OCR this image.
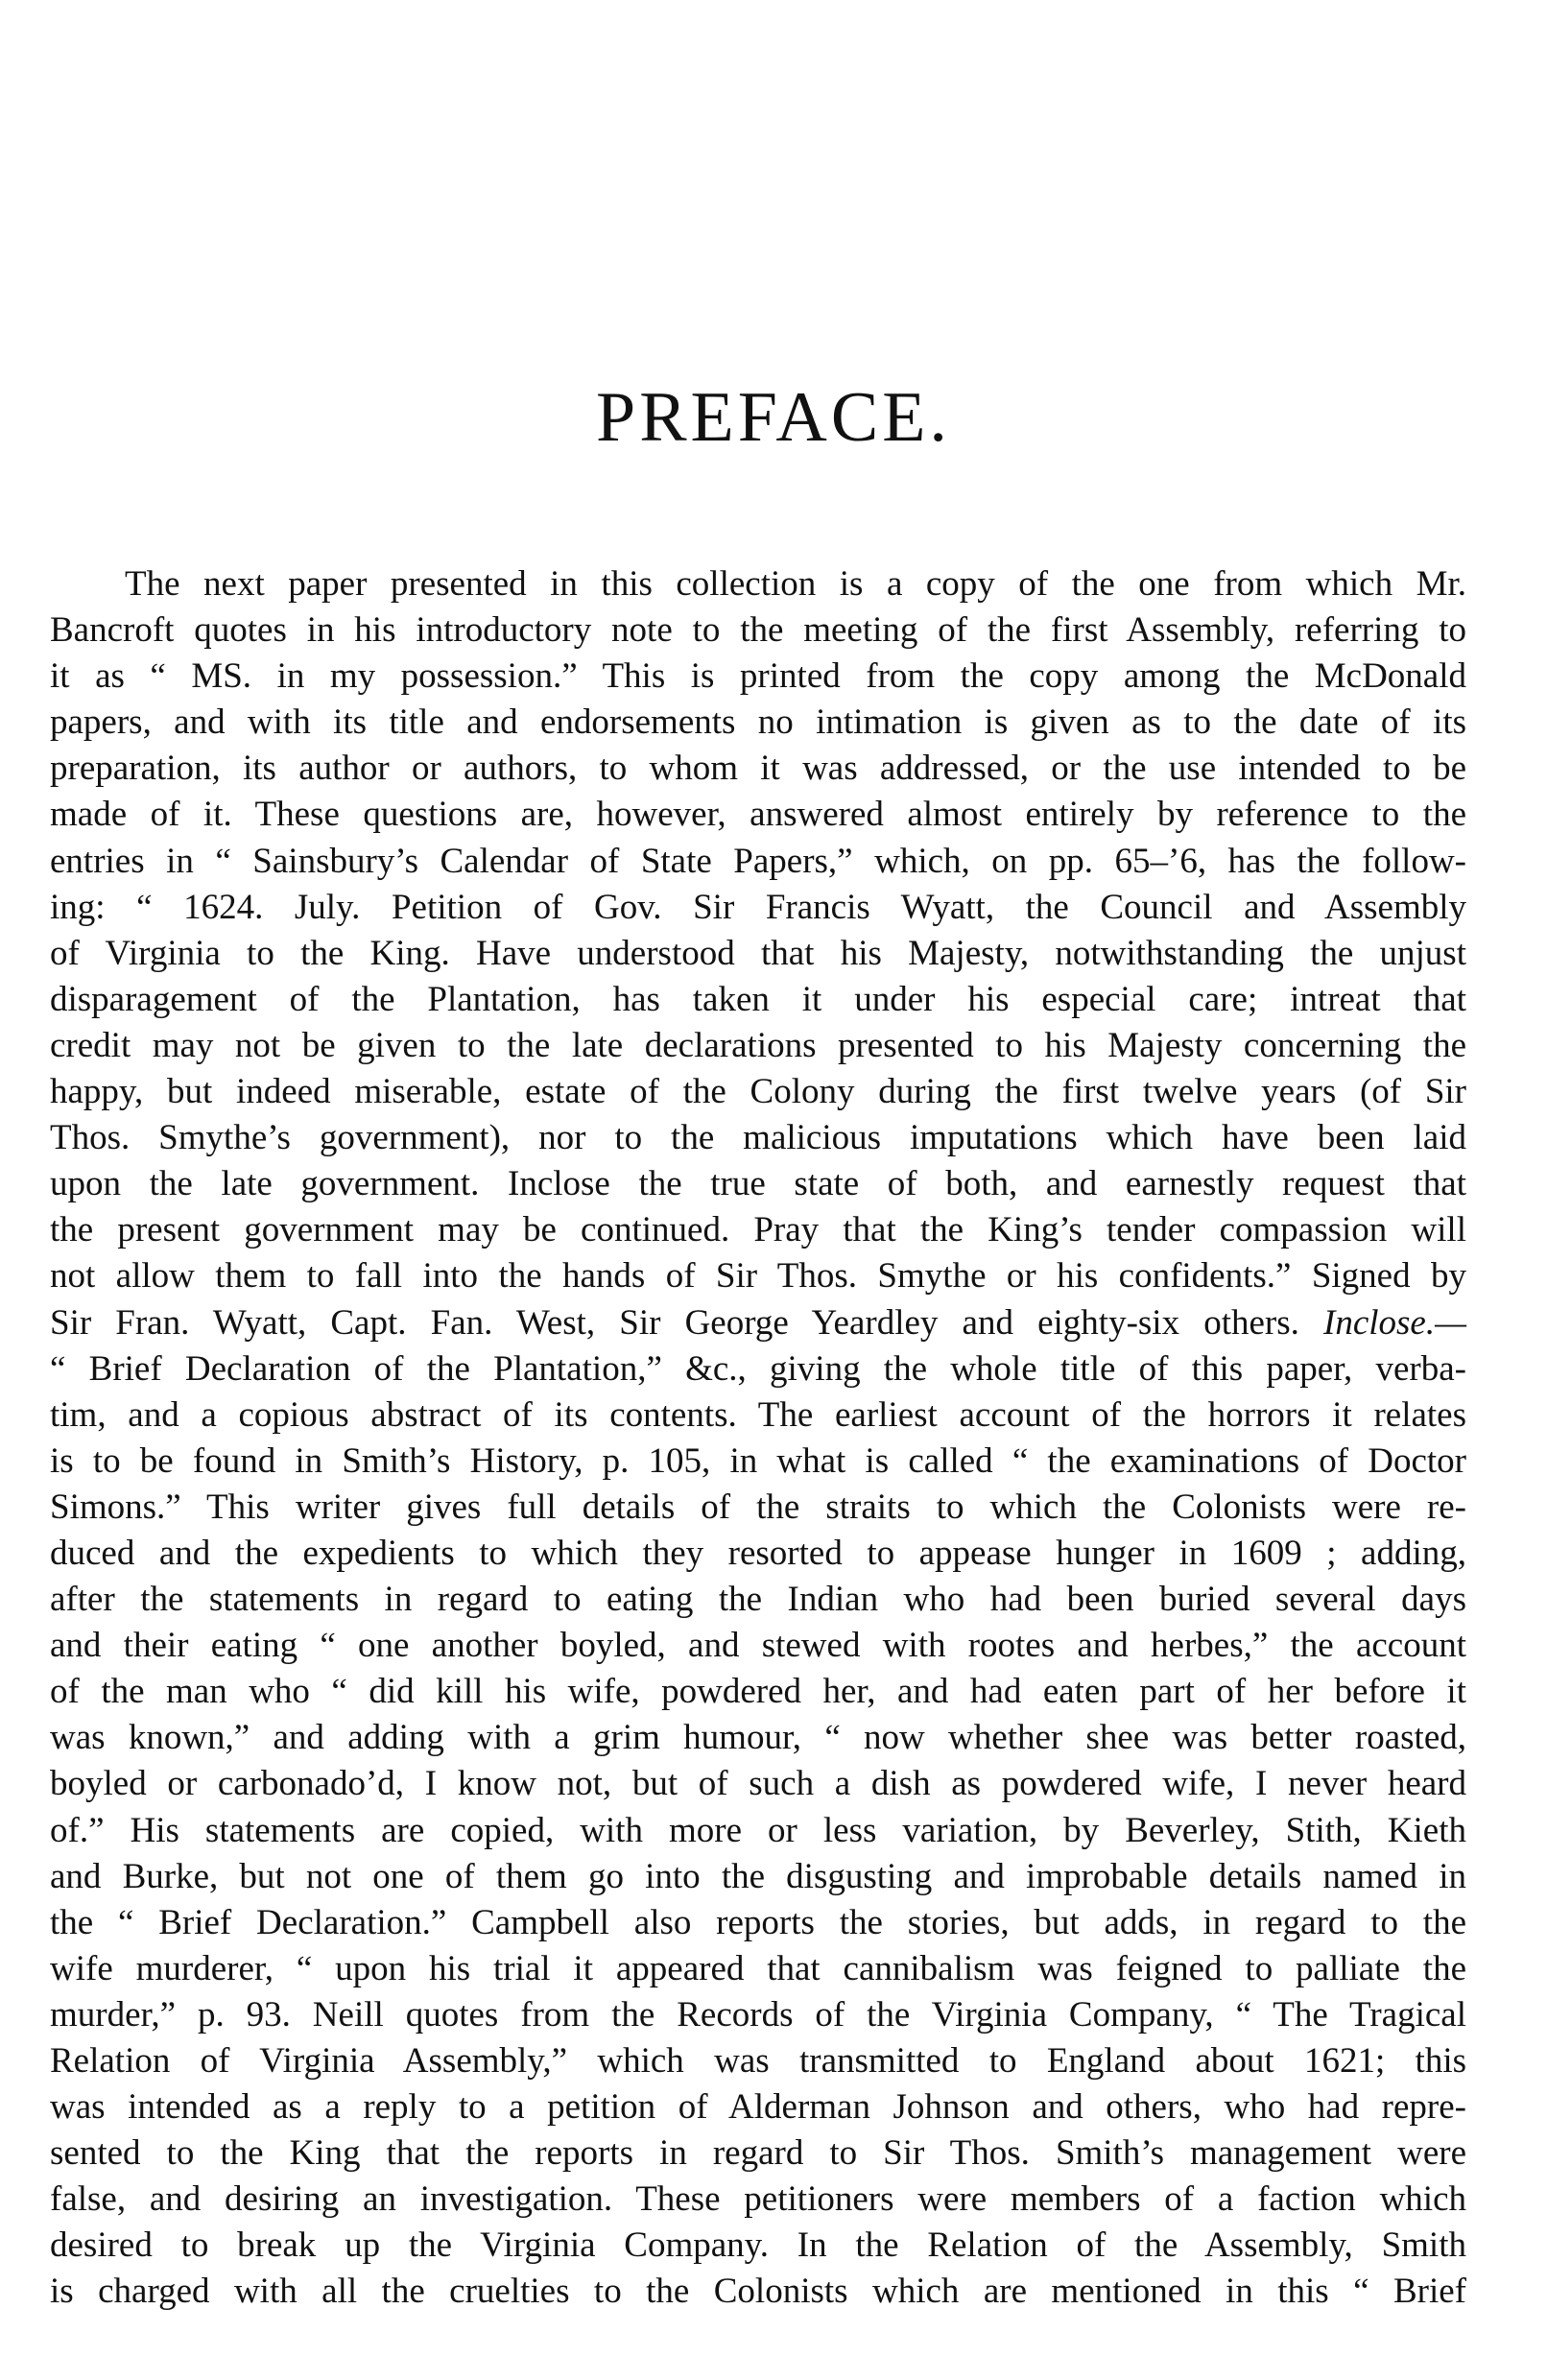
PREFACE.
The next paper presented in this collection is a copy of the one from which Mr.
Bancroft quotes in his introductory note to the meeting of the first Assembly, referring to
it as “ MS. in my possession.” This is printed from the copy among the McDonald
papers, and with its title and endorsements no intimation is given as to the date of its
preparation, its author or authors, to whom it was addressed, or the use intended to be
made of it. These questions are, however, answered almost entirely by reference to the
entries in “ Sainsbury’s Calendar of State Papers,” which, on pp. 65–’6, has the follow-
ing: “ 1624. July. Petition of Gov. Sir Francis Wyatt, the Council and Assembly
of Virginia to the King. Have understood that his Majesty, notwithstanding the unjust
disparagement of the Plantation, has taken it under his especial care; intreat that
credit may not be given to the late declarations presented to his Majesty concerning the
happy, but indeed miserable, estate of the Colony during the first twelve years (of Sir
Thos. Smythe’s government), nor to the malicious imputations which have been laid
upon the late government. Inclose the true state of both, and earnestly request that
the present government may be continued. Pray that the King’s tender compassion will
not allow them to fall into the hands of Sir Thos. Smythe or his confidents.” Signed by
Sir Fran. Wyatt, Capt. Fan. West, Sir George Yeardley and eighty-six others. Inclose.—
“ Brief Declaration of the Plantation,” &c., giving the whole title of this paper, verba-
tim, and a copious abstract of its contents. The earliest account of the horrors it relates
is to be found in Smith’s History, p. 105, in what is called “ the examinations of Doctor
Simons.” This writer gives full details of the straits to which the Colonists were re-
duced and the expedients to which they resorted to appease hunger in 1609 ; adding,
after the statements in regard to eating the Indian who had been buried several days
and their eating “ one another boyled, and stewed with rootes and herbes,” the account
of the man who “ did kill his wife, powdered her, and had eaten part of her before it
was known,” and adding with a grim humour, “ now whether shee was better roasted,
boyled or carbonado’d, I know not, but of such a dish as powdered wife, I never heard
of.” His statements are copied, with more or less variation, by Beverley, Stith, Kieth
and Burke, but not one of them go into the disgusting and improbable details named in
the “ Brief Declaration.” Campbell also reports the stories, but adds, in regard to the
wife murderer, “ upon his trial it appeared that cannibalism was feigned to palliate the
murder,” p. 93. Neill quotes from the Records of the Virginia Company, “ The Tragical
Relation of Virginia Assembly,” which was transmitted to England about 1621; this
was intended as a reply to a petition of Alderman Johnson and others, who had repre-
sented to the King that the reports in regard to Sir Thos. Smith’s management were
false, and desiring an investigation. These petitioners were members of a faction which
desired to break up the Virginia Company. In the Relation of the Assembly, Smith
is charged with all the cruelties to the Colonists which are mentioned in this “ Brief
